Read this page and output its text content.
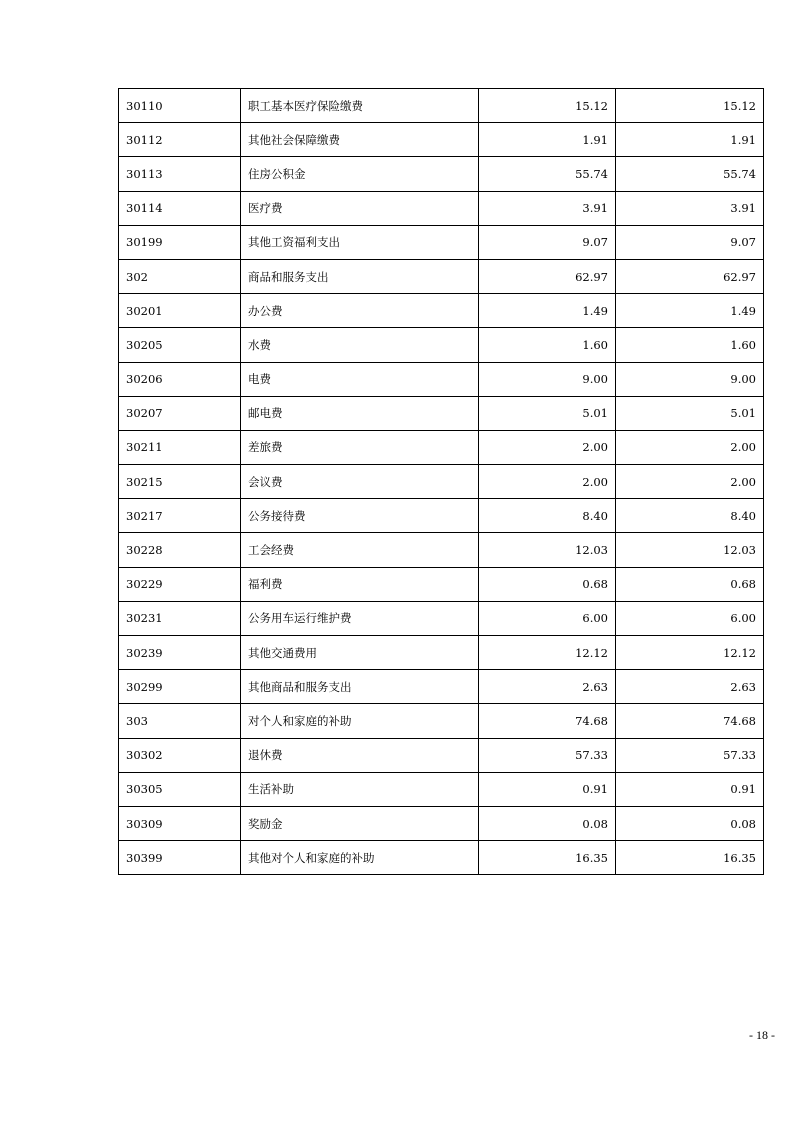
30110	职工基本医疗保险缴费	15.12	15.12
30112	其他社会保障缴费	1.91	1.91
30113	住房公积金	55.74	55.74
30114	医疗费	3.91	3.91
30199	其他工资福利支出	9.07	9.07
302	商品和服务支出	62.97	62.97
30201	办公费	1.49	1.49
30205	水费	1.60	1.60
30206	电费	9.00	9.00
30207	邮电费	5.01	5.01
30211	差旅费	2.00	2.00
30215	会议费	2.00	2.00
30217	公务接待费	8.40	8.40
30228	工会经费	12.03	12.03
30229	福利费	0.68	0.68
30231	公务用车运行维护费	6.00	6.00
30239	其他交通费用	12.12	12.12
30299	其他商品和服务支出	2.63	2.63
303	对个人和家庭的补助	74.68	74.68
30302	退休费	57.33	57.33
30305	生活补助	0.91	0.91
30309	奖励金	0.08	0.08
30399	其他对个人和家庭的补助	16.35	16.35
- 18 -
